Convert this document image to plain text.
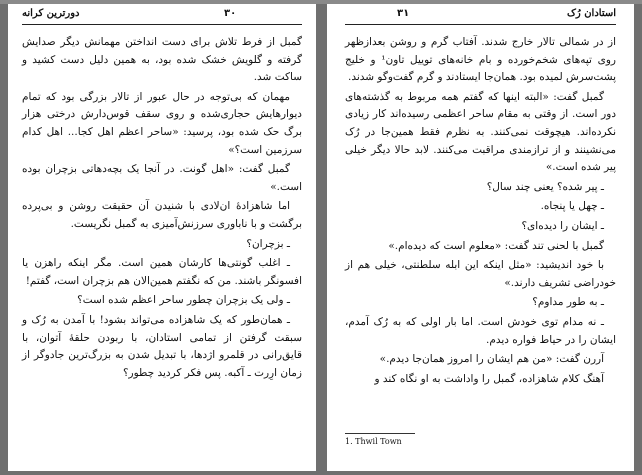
دورترین کرانه	۳۰

گمبل از فرط تلاش برای دست انداختن مهمانش دیگر صدایش گرفته و گلویش خشک شده بود، به همین دلیل دست کشید و ساکت شد.

مهمان که بی‌توجه در حال عبور از تالار بزرگی بود که تمام دیوارهایش حجاری‌شده و روی سقف قوس‌دارش درختی هزار برگ حک شده بود، پرسید: «ساحر اعظم اهل کجا... اهل کدام سرزمین است؟»

گمبل گفت: «اهل گونت. در آنجا یک بچه‌دهاتی بزچران بوده است.»

اما شاهزادهٔ ان‌لادی با شنیدن آن حقیقت روشن و بی‌پرده برگشت و با ناباوری سرزنش‌آمیزی به گمبل نگریست.

ـ بزچران؟

ـ اغلب گونتی‌ها کارشان همین است. مگر اینکه راهزن یا افسونگر باشند. من که نگفتم همین‌الان هم بزچران است، گفتم!

ـ ولی یک بزچران چطور ساحر اعظم شده است؟

ـ همان‌طور که یک شاهزاده می‌تواند بشود! با آمدن به رُک و سبقت گرفتن از تمامی استادان، با ربودن حلقهٔ آتوان، با قایق‌رانی در قلمرو اژدها، با تبدیل شدن به بزرگ‌ترین جادوگر از زمان ارِرت ـ آکبه. پس فکر کردید چطور؟

استادان رُک
۳۱

از در شمالی تالار خارج شدند. آفتاب گرم و روشن بعدازظهر روی تپه‌های شخم‌خورده و بام خانه‌های توییل تاون¹ و خلیج پشت‌سرش لمیده بود. همان‌جا ایستادند و گرم گفت‌وگو شدند.

گمبل گفت: «البته اینها که گفتم همه مربوط به گذشته‌های دور است. از وقتی به مقام ساحر اعظمی رسیده‌اند کار زیادی نکرده‌اند. هیچوقت نمی‌کنند. به نظرم فقط همین‌جا در رُک می‌نشینند و از ترازمندی مراقبت می‌کنند. لابد حالا دیگر خیلی پیر شده است.»

ـ پیر شده؟ یعنی چند سال؟

ـ چهل یا پنجاه.

ـ ایشان را دیده‌ای؟

گمبل با لحنی تند گفت: «معلوم است که دیده‌ام.»

با خود اندیشید: «مثل اینکه این ابله سلطنتی، خیلی هم از خودراضی تشریف دارند.»

ـ به طور مداوم؟

ـ نه مدام توی خودش است. اما بار اولی که به رُک آمدم، ایشان را در حیاط فواره دیدم.

آررن گفت: «من هم ایشان را امروز همان‌جا دیدم.»

آهنگ کلام شاهزاده، گمبل را واداشت به او نگاه کند و

1. Thwil Town
